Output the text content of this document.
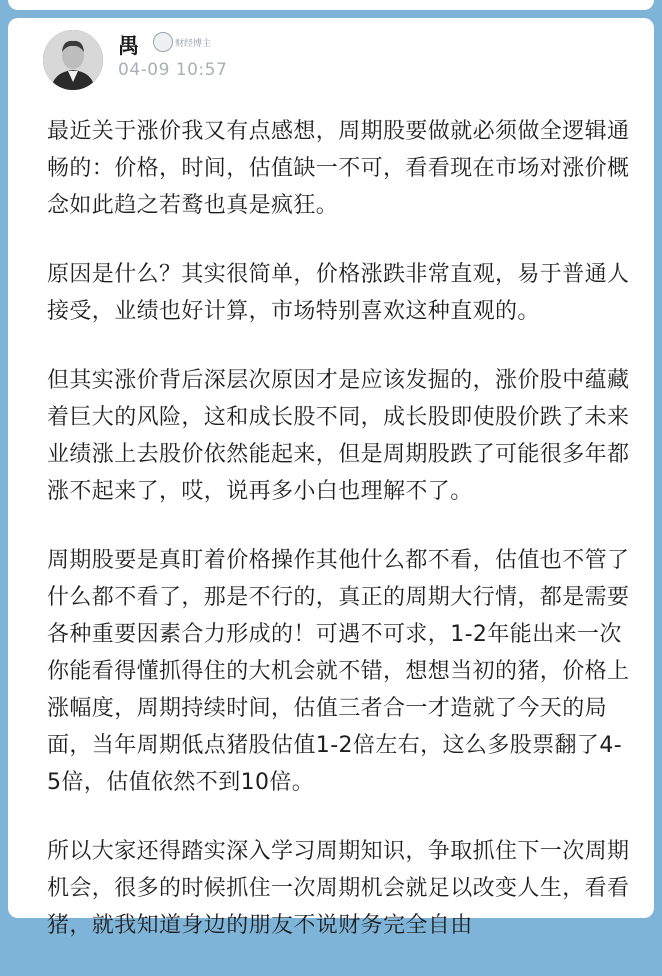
禺	财经博主
04-09 10:57

最近关于涨价我又有点感想，周期股要做就必须做全逻辑通畅的：价格，时间，估值缺一不可，看看现在市场对涨价概念如此趋之若鹜也真是疯狂。

原因是什么？其实很简单，价格涨跌非常直观，易于普通人接受，业绩也好计算，市场特别喜欢这种直观的。

但其实涨价背后深层次原因才是应该发掘的，涨价股中蕴藏着巨大的风险，这和成长股不同，成长股即使股价跌了未来业绩涨上去股价依然能起来，但是周期股跌了可能很多年都涨不起来了，哎，说再多小白也理解不了。

周期股要是真盯着价格操作其他什么都不看，估值也不管了什么都不看了，那是不行的，真正的周期大行情，都是需要各种重要因素合力形成的！可遇不可求，1-2年能出来一次你能看得懂抓得住的大机会就不错，想想当初的猪，价格上涨幅度，周期持续时间，估值三者合一才造就了今天的局面，当年周期低点猪股估值1-2倍左右，这么多股票翻了4-5倍，估值依然不到10倍。

所以大家还得踏实深入学习周期知识，争取抓住下一次周期机会，很多的时候抓住一次周期机会就足以改变人生，看看猪，就我知道身边的朋友不说财务完全自由
